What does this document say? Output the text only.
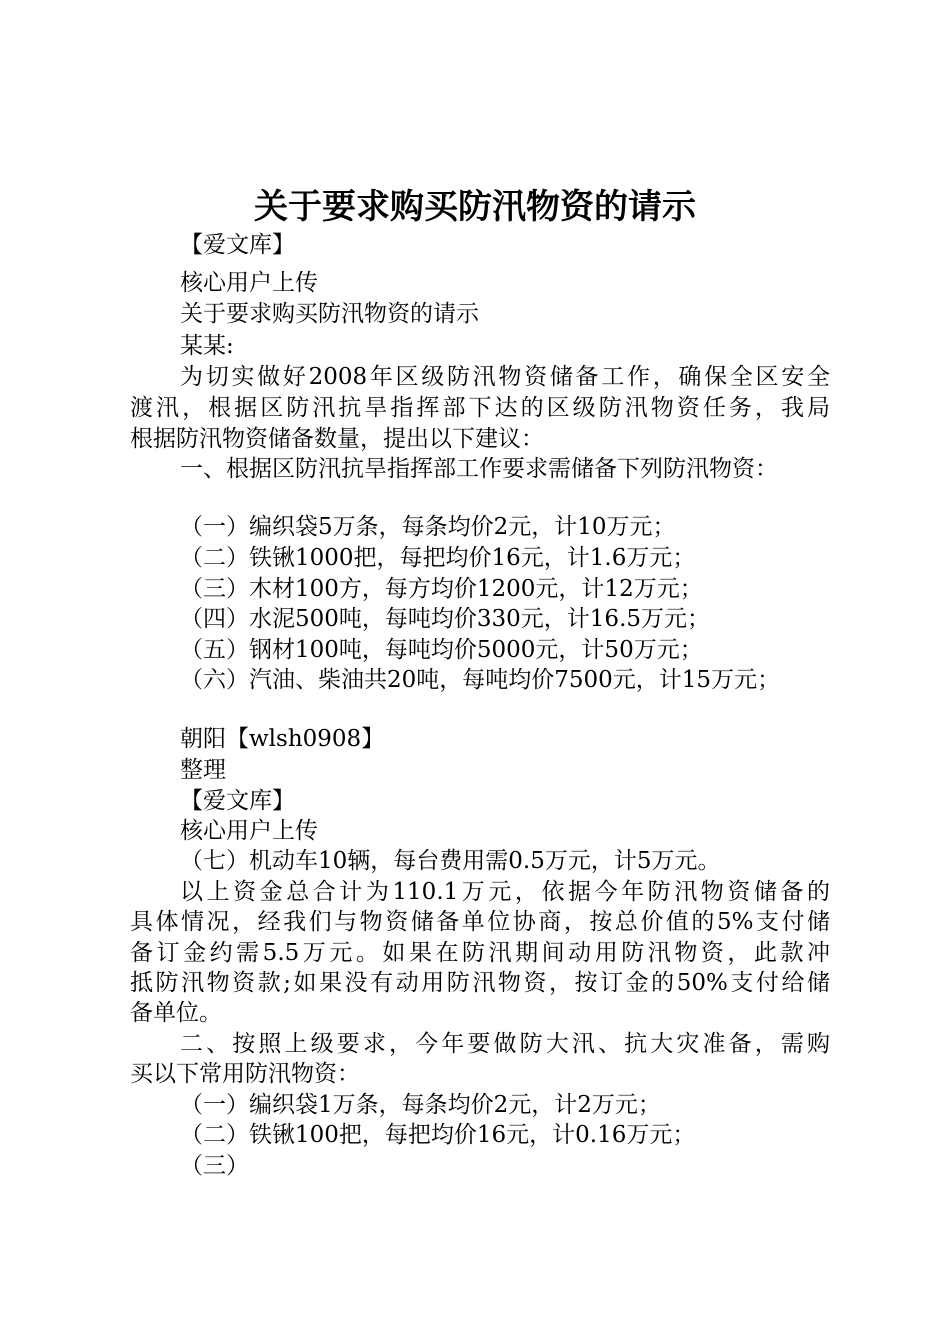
关于要求购买防汛物资的请示

【爱文库】

核心用户上传

关于要求购买防汛物资的请示

某某:

为切实做好2008年区级防汛物资储备工作，确保全区安全

渡汛，根据区防汛抗旱指挥部下达的区级防汛物资任务，我局

根据防汛物资储备数量，提出以下建议：

一、根据区防汛抗旱指挥部工作要求需储备下列防汛物资：

（一）编织袋5万条，每条均价2元，计10万元；

（二）铁锹1000把，每把均价16元，计1.6万元；

（三）木材100方，每方均价1200元，计12万元；

（四）水泥500吨，每吨均价330元，计16.5万元；

（五）钢材100吨，每吨均价5000元，计50万元；

（六）汽油、柴油共20吨，每吨均价7500元，计15万元；

朝阳【wlsh0908】

整理

【爱文库】

核心用户上传

（七）机动车10辆，每台费用需0.5万元，计5万元。

以上资金总合计为110.1万元，依据今年防汛物资储备的

具体情况，经我们与物资储备单位协商，按总价值的5%支付储

备订金约需5.5万元。如果在防汛期间动用防汛物资，此款冲

抵防汛物资款;如果没有动用防汛物资，按订金的50%支付给储

备单位。

二、按照上级要求，今年要做防大汛、抗大灾准备，需购

买以下常用防汛物资：

（一）编织袋1万条，每条均价2元，计2万元；

（二）铁锹100把，每把均价16元，计0.16万元；

（三）
